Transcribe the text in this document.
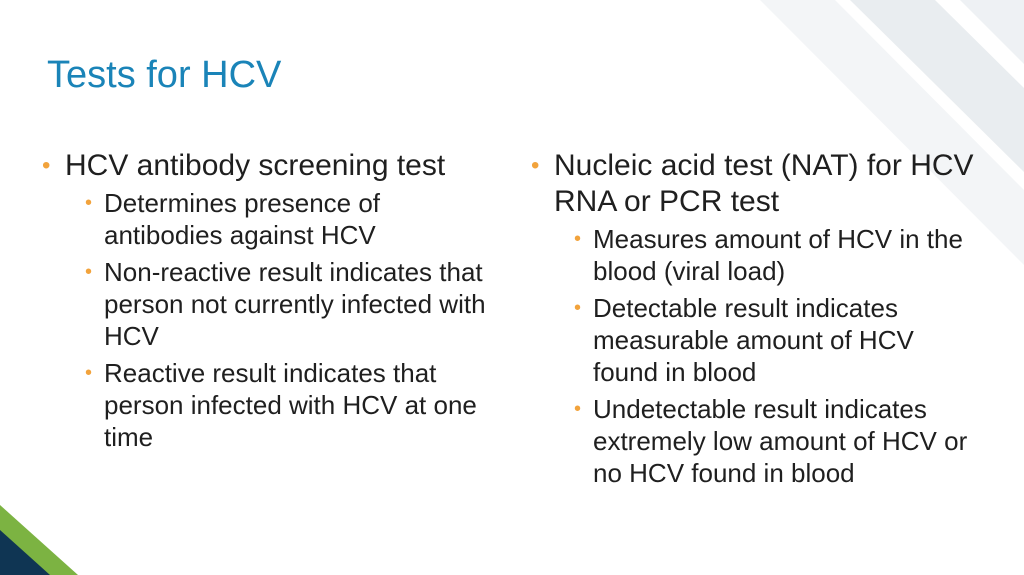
Tests for HCV
• HCV antibody screening test
• Determines presence of antibodies against HCV
• Non-reactive result indicates that person not currently infected with HCV
• Reactive result indicates that person infected with HCV at one time
• Nucleic acid test (NAT) for HCV RNA or PCR test
• Measures amount of HCV in the blood (viral load)
• Detectable result indicates measurable amount of HCV found in blood
• Undetectable result indicates extremely low amount of HCV or no HCV found in blood
